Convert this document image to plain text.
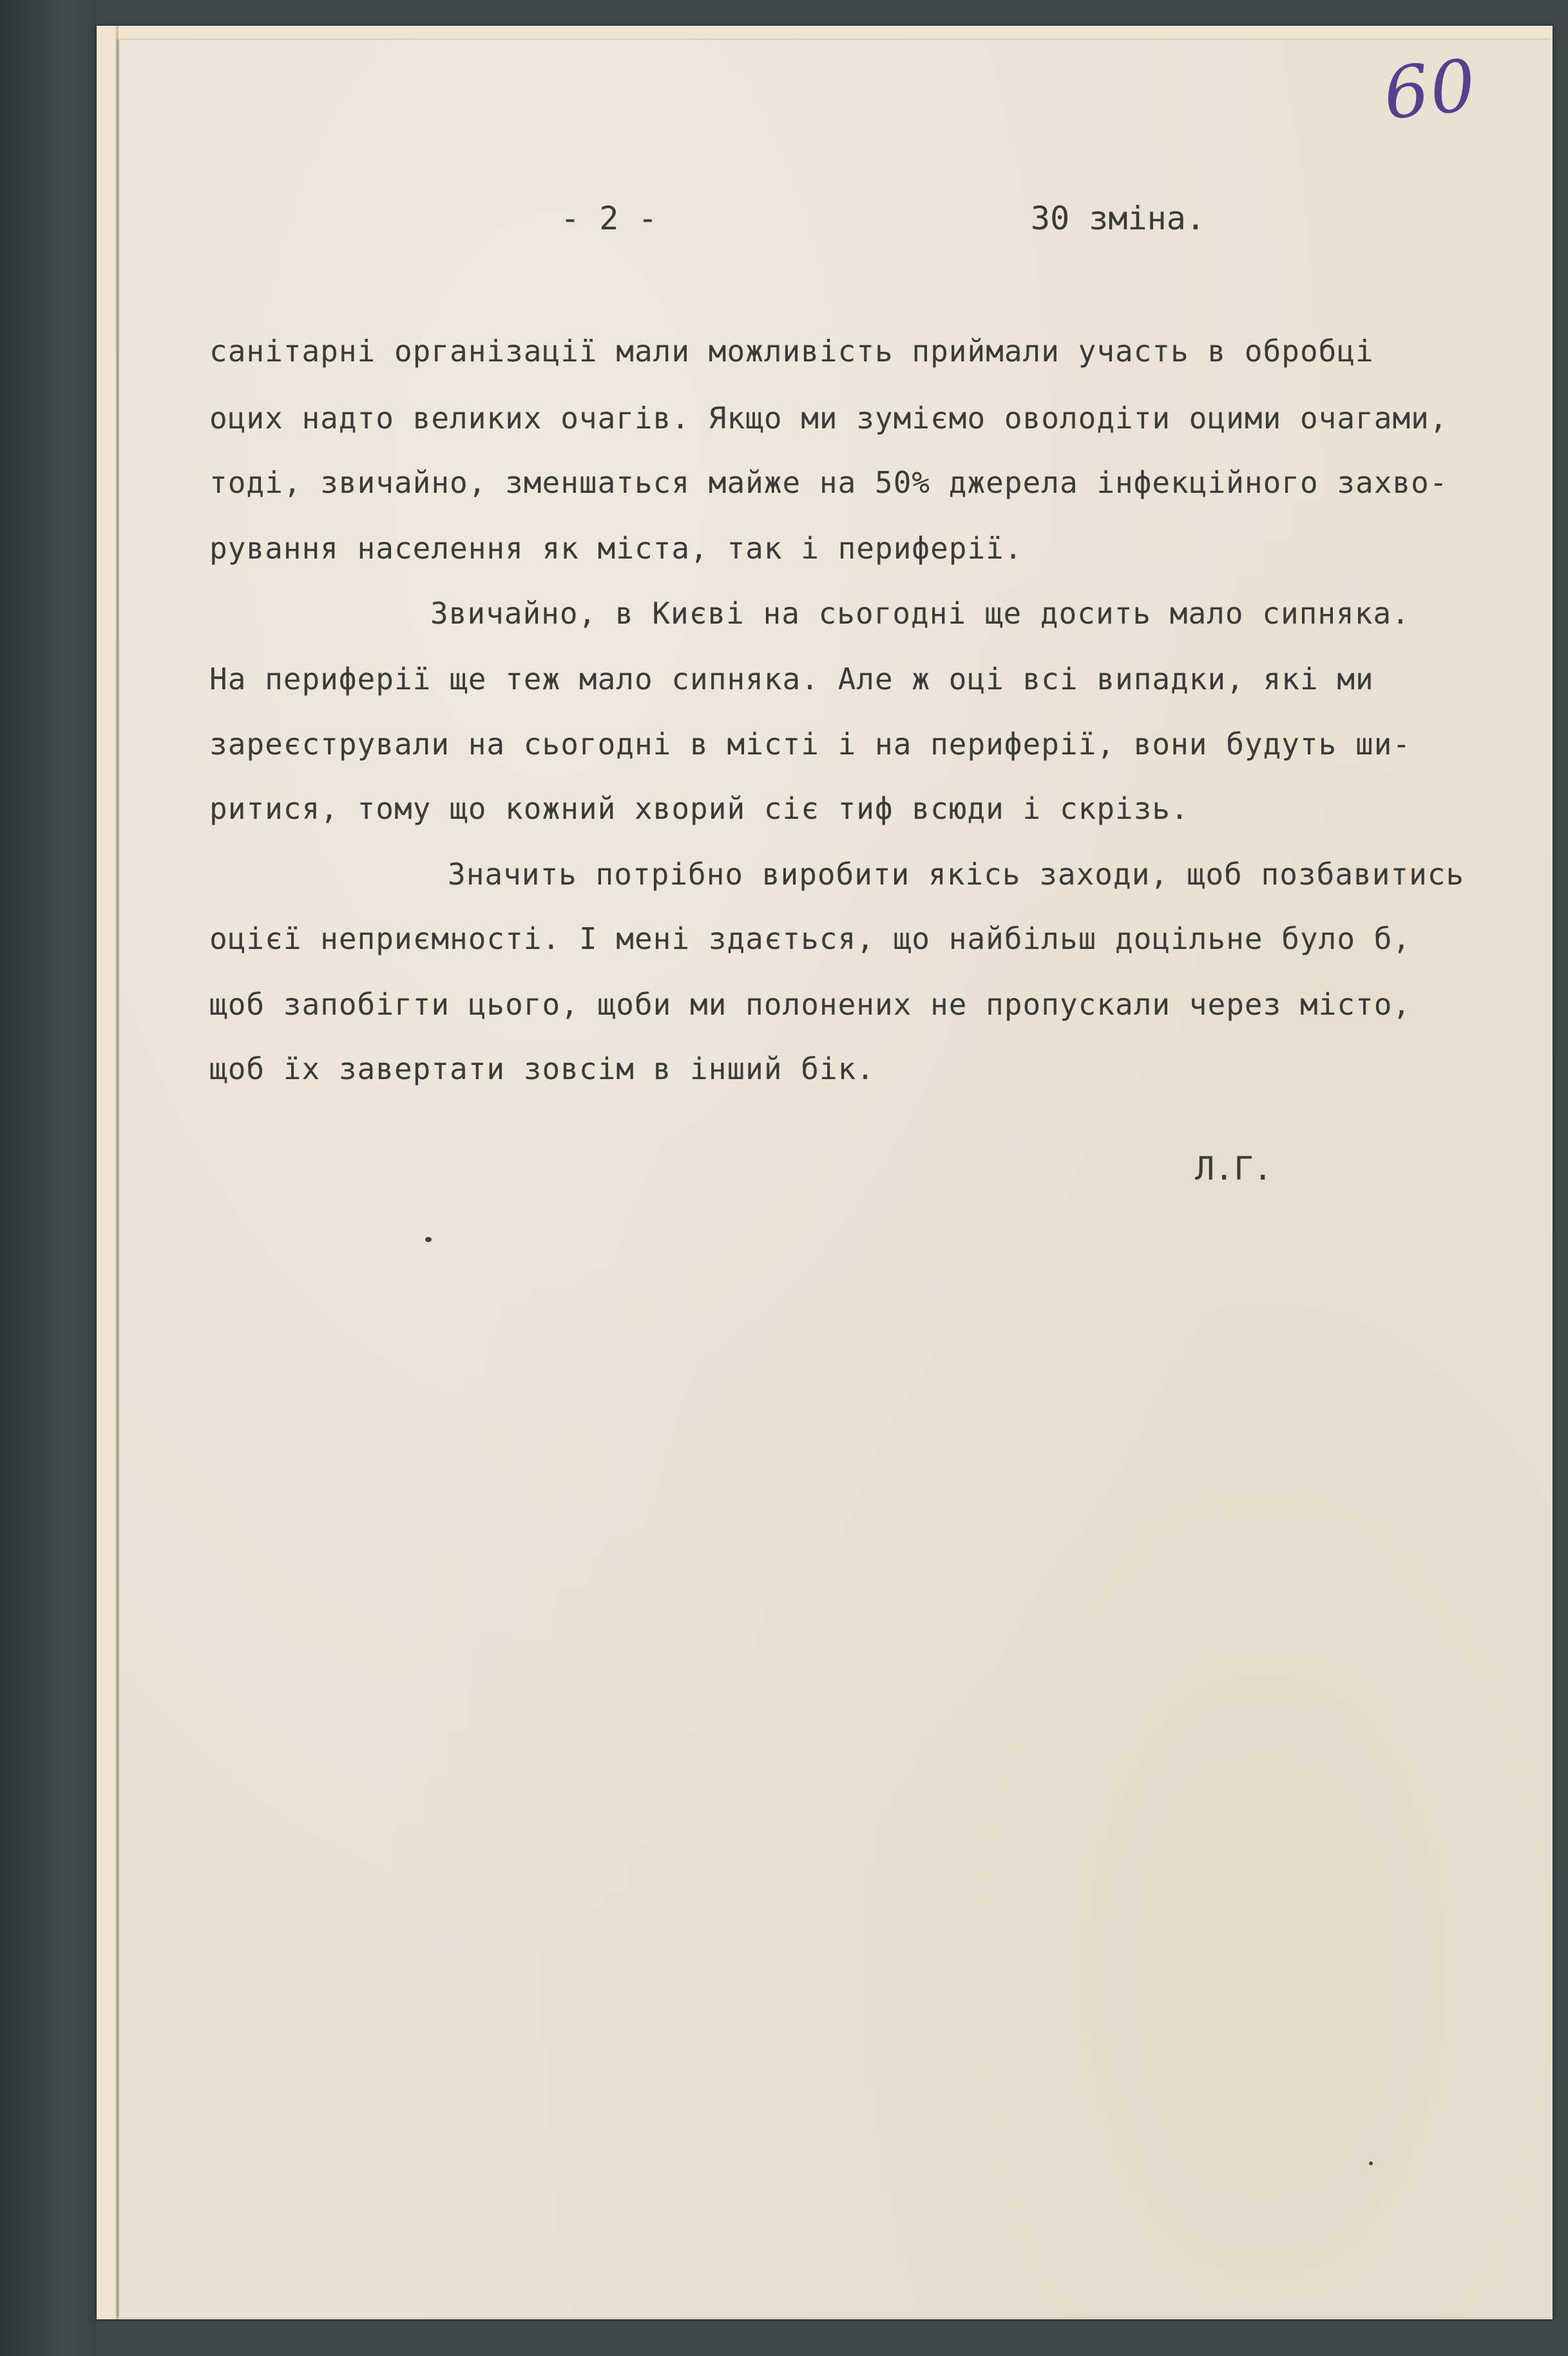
60
- 2 -	30 зміна.
санітарні організації мали можливість приймали участь в обробці
оцих надто великих очагів. Якщо ми зуміємо оволодіти оцими очагами,
тоді, звичайно, зменшаться майже на 50% джерела інфекційного захво-
рування населення як міста, так і периферії.
Звичайно, в Києві на сьогодні ще досить мало сипняка.
На периферії ще теж мало сипняка. Але ж оці всі випадки, які ми
зареєстрували на сьогодні в місті і на периферії, вони будуть ши-
ритися, тому що кожний хворий сіє тиф всюди і скрізь.
Значить потрібно виробити якісь заходи, щоб позбавитись
оцієї неприємності. І мені здається, що найбільш доцільне було б,
щоб запобігти цього, щоби ми полонених не пропускали через місто,
щоб їх завертати зовсім в інший бік.
Л.Г.
